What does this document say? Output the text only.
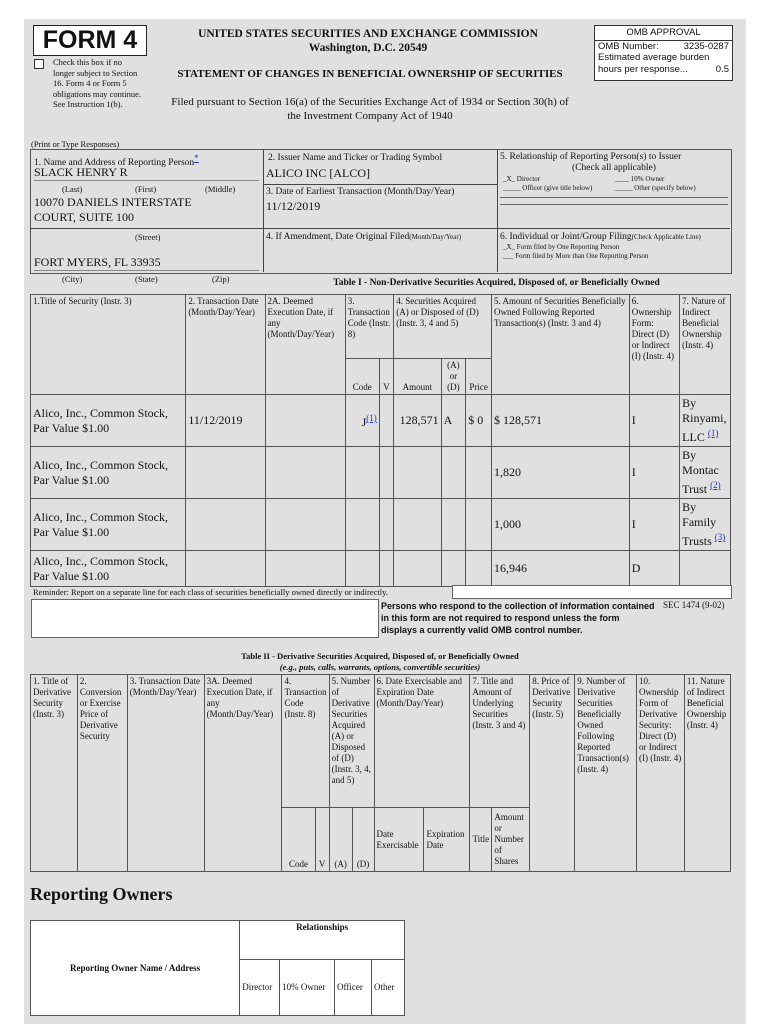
FORM 4
Check this box if no longer subject to Section 16. Form 4 or Form 5 obligations may continue. See Instruction 1(b).
UNITED STATES SECURITIES AND EXCHANGE COMMISSION
Washington, D.C. 20549
STATEMENT OF CHANGES IN BENEFICIAL OWNERSHIP OF SECURITIES
Filed pursuant to Section 16(a) of the Securities Exchange Act of 1934 or Section 30(h) of
the Investment Company Act of 1940
OMB APPROVAL
OMB Number:	3235-0287
Estimated average burden
hours per response...	0.5
(Print or Type Responses)
1. Name and Address of Reporting Person*
SLACK HENRY R
(Last)	(First)	(Middle)
10070 DANIELS INTERSTATE
COURT, SUITE 100
(Street)
FORT MYERS, FL 33935
(City)	(State)	(Zip)
2. Issuer Name and Ticker or Trading Symbol
ALICO INC [ALCO]
3. Date of Earliest Transaction (Month/Day/Year)
11/12/2019
4. If Amendment, Date Original Filed(Month/Day/Year)
5. Relationship of Reporting Person(s) to Issuer
(Check all applicable)
_X_ Director	____ 10% Owner
_____ Officer (give title below)	_____ Other (specify below)
6. Individual or Joint/Group Filing(Check Applicable Line)
_X_ Form filed by One Reporting Person
___ Form filed by More than One Reporting Person
Table I - Non-Derivative Securities Acquired, Disposed of, or Beneficially Owned
1.Title of Security (Instr. 3)	2. Transaction Date (Month/Day/Year)	2A. Deemed Execution Date, if any (Month/Day/Year)	3. Transaction Code (Instr. 8)		4. Securities Acquired (A) or Disposed of (D) (Instr. 3, 4 and 5)			5. Amount of Securities Beneficially Owned Following Reported Transaction(s) (Instr. 3 and 4)	6. Ownership Form: Direct (D) or Indirect (I) (Instr. 4)	7. Nature of Indirect Beneficial Ownership (Instr. 4)
			Code	V	Amount	(A) or (D)	Price			
Alico, Inc., Common Stock, Par Value $1.00	11/12/2019		J$^{(1)}$		128,571	A	$ 0	$ 128,571	I	By Rinyami, LLC $^{(1)}$
Alico, Inc., Common Stock, Par Value $1.00								1,820	I	By Montac Trust $^{(2)}$
Alico, Inc., Common Stock, Par Value $1.00								1,000	I	By Family Trusts $^{(3)}$
Alico, Inc., Common Stock, Par Value $1.00								16,946	D	
Reminder: Report on a separate line for each class of securities beneficially owned directly or indirectly.
Persons who respond to the collection of information contained in this form are not required to respond unless the form displays a currently valid OMB control number.
SEC 1474 (9-02)
Table II - Derivative Securities Acquired, Disposed of, or Beneficially Owned
(e.g., puts, calls, warrants, options, convertible securities)
1. Title of Derivative Security (Instr. 3)	2. Conversion or Exercise Price of Derivative Security	3. Transaction Date (Month/Day/Year)	3A. Deemed Execution Date, if any (Month/Day/Year)	4. Transaction Code (Instr. 8)		5. Number of Derivative Securities Acquired (A) or Disposed of (D) (Instr. 3, 4, and 5)		6. Date Exercisable and Expiration Date (Month/Day/Year)		7. Title and Amount of Underlying Securities (Instr. 3 and 4)		8. Price of Derivative Security (Instr. 5)	9. Number of Derivative Securities Beneficially Owned Following Reported Transaction(s) (Instr. 4)	10. Ownership Form of Derivative Security: Direct (D) or Indirect (I) (Instr. 4)	11. Nature of Indirect Beneficial Ownership (Instr. 4)
				Code	V	(A)	(D)	Date Exercisable	Expiration Date	Title	Amount or Number of Shares				
Reporting Owners
Reporting Owner Name / Address	Relationships			
	Director	10% Owner	Officer	Other
